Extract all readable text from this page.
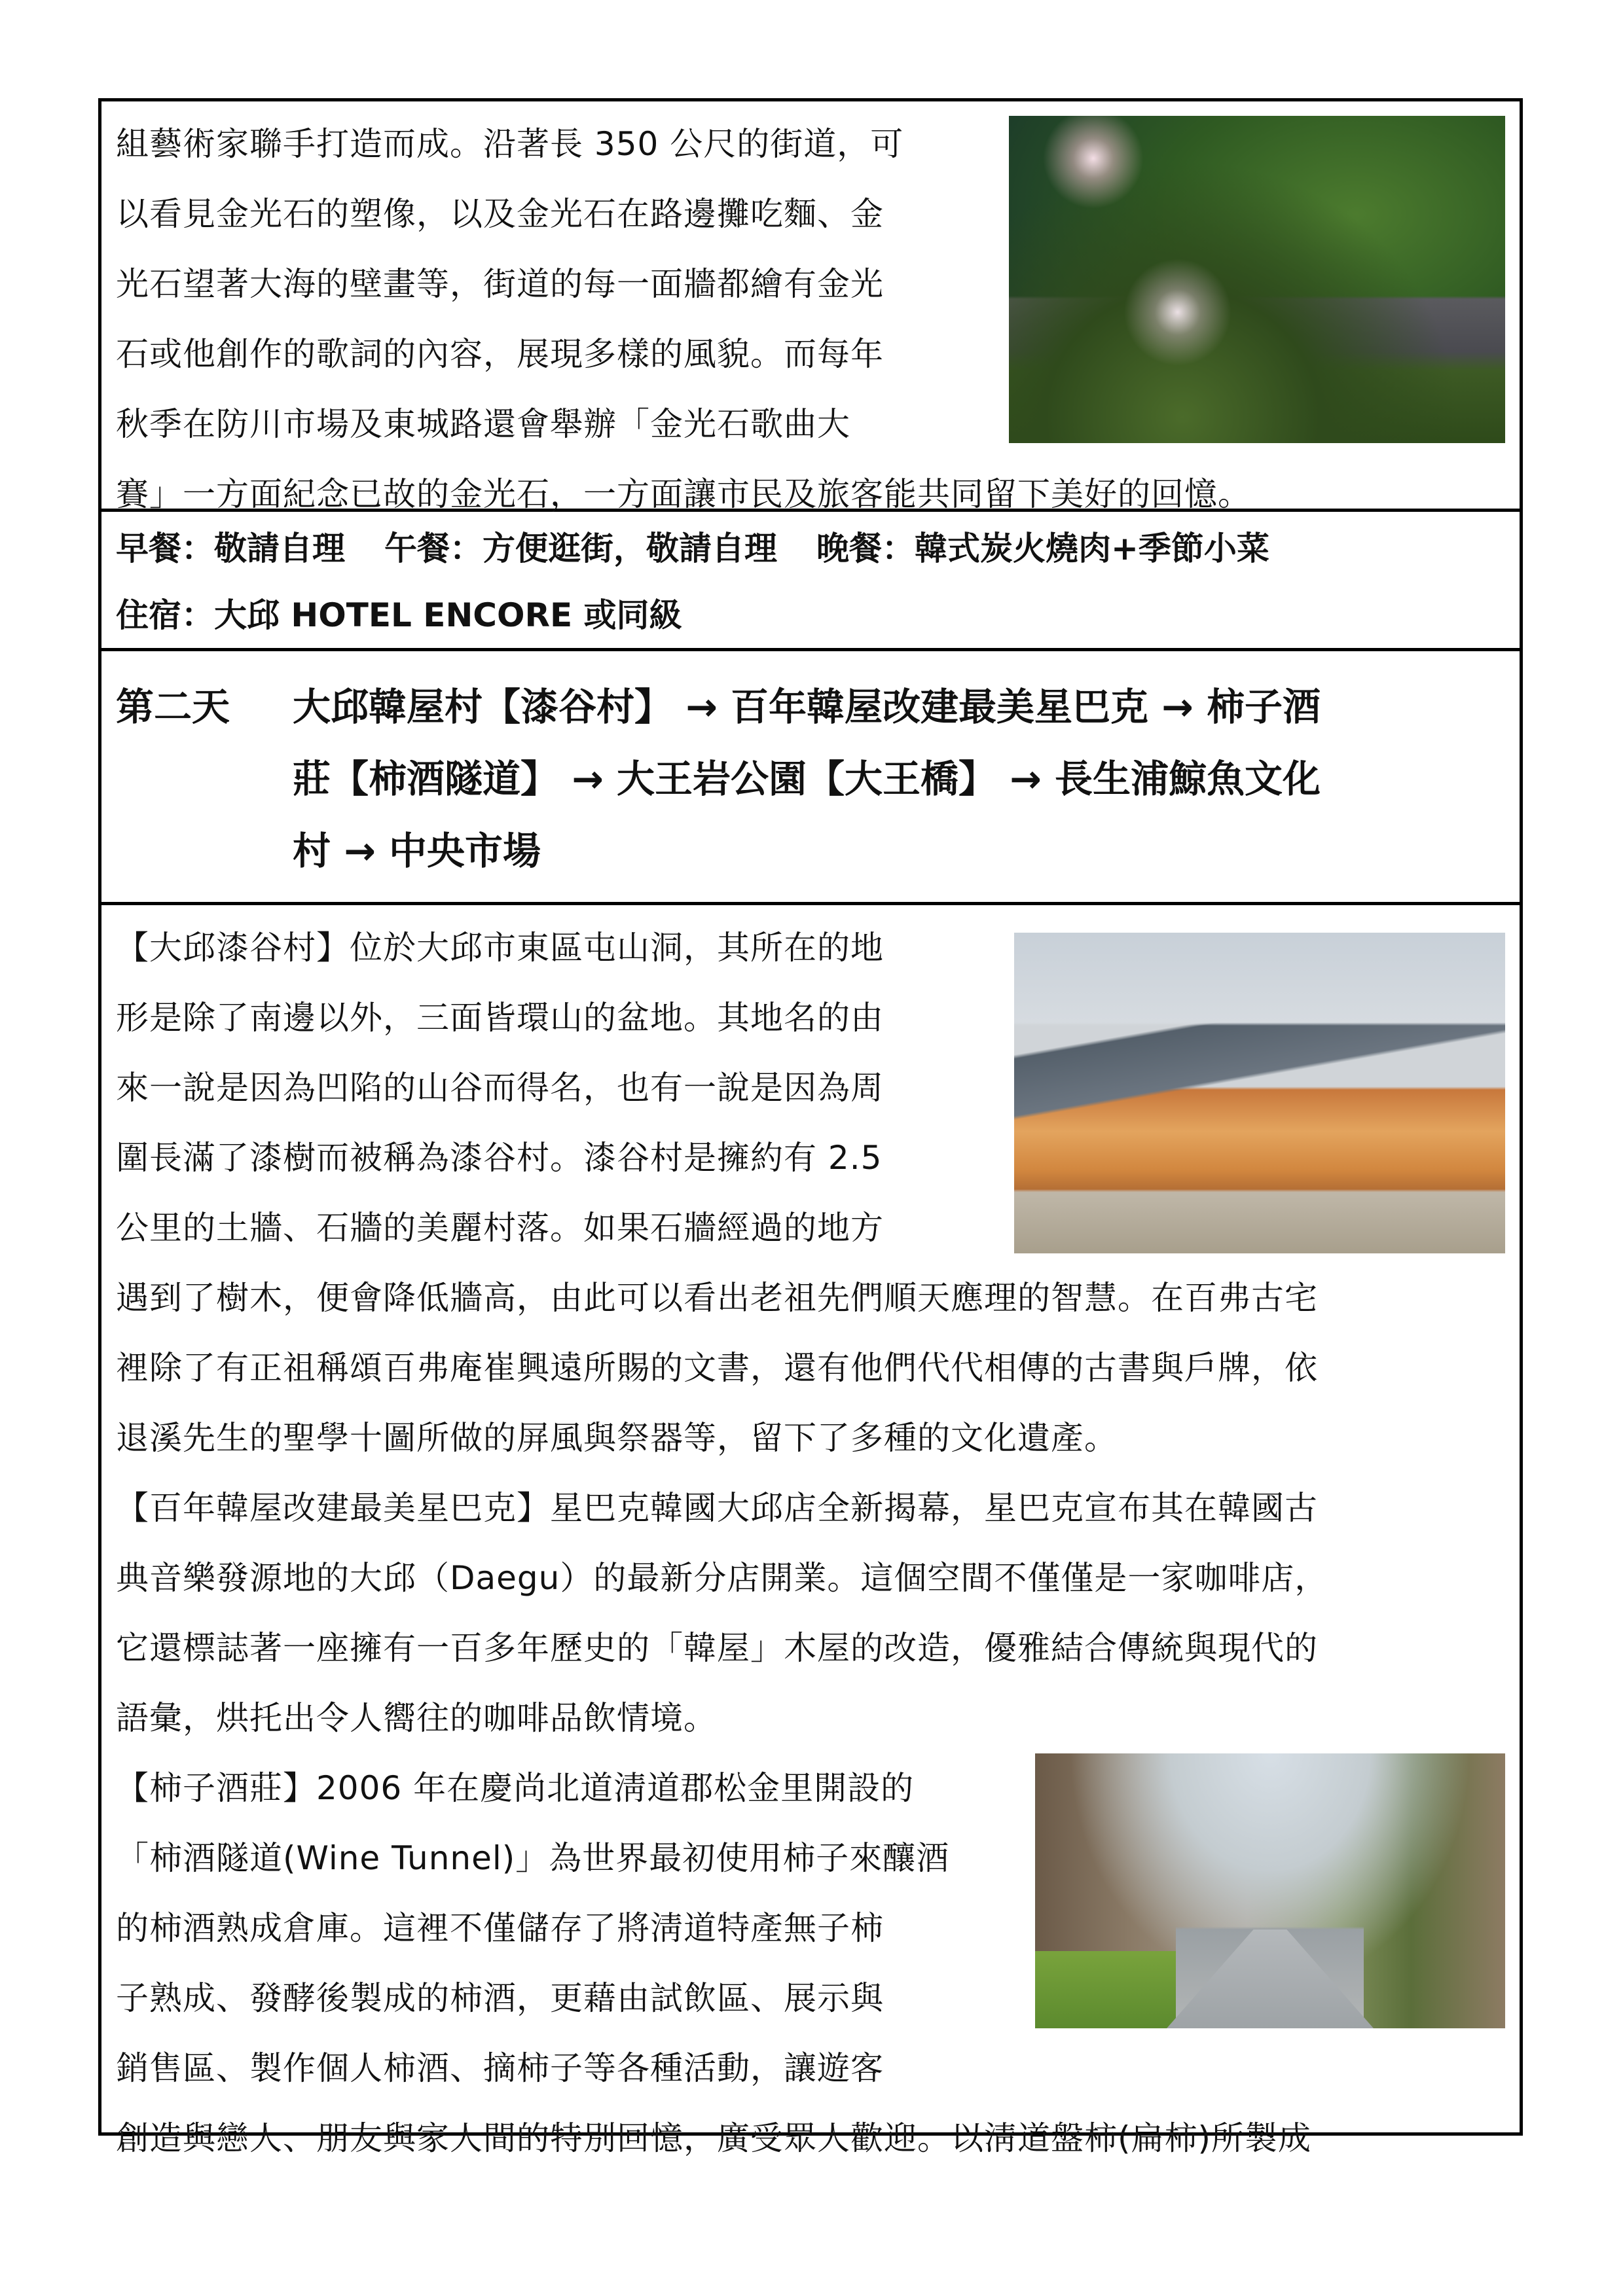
組藝術家聯手打造而成。沿著長 350 公尺的街道，可
以看見金光石的塑像，以及金光石在路邊攤吃麵、金
光石望著大海的壁畫等，街道的每一面牆都繪有金光
石或他創作的歌詞的內容，展現多樣的風貌。而每年
秋季在防川市場及東城路還會舉辦「金光石歌曲大
賽」一方面紀念已故的金光石，一方面讓市民及旅客能共同留下美好的回憶。

早餐：敬請自理 午餐：方便逛街，敬請自理 晚餐：韓式炭火燒肉+季節小菜
住宿：大邱 HOTEL ENCORE 或同級
第二天 大邱韓屋村【漆谷村】 → 百年韓屋改建最美星巴克 → 柿子酒
莊【柿酒隧道】 → 大王岩公園【大王橋】 → 長生浦鯨魚文化
村 → 中央市場

【大邱漆谷村】位於大邱市東區屯山洞，其所在的地
形是除了南邊以外，三面皆環山的盆地。其地名的由
來一說是因為凹陷的山谷而得名，也有一說是因為周
圍長滿了漆樹而被稱為漆谷村。漆谷村是擁約有 2.5
公里的土牆、石牆的美麗村落。如果石牆經過的地方
遇到了樹木，便會降低牆高，由此可以看出老祖先們順天應理的智慧。在百弗古宅
裡除了有正祖稱頌百弗庵崔興遠所賜的文書，還有他們代代相傳的古書與戶牌，依
退溪先生的聖學十圖所做的屏風與祭器等，留下了多種的文化遺產。

【百年韓屋改建最美星巴克】星巴克韓國大邱店全新揭幕，星巴克宣布其在韓國古
典音樂發源地的大邱（Daegu）的最新分店開業。這個空間不僅僅是一家咖啡店，
它還標誌著一座擁有一百多年歷史的「韓屋」木屋的改造，優雅結合傳統與現代的
語彙，烘托出令人嚮往的咖啡品飲情境。

【柿子酒莊】2006 年在慶尚北道淸道郡松金里開設的
「柿酒隧道(Wine Tunnel)」為世界最初使用柿子來釀酒
的柿酒熟成倉庫。這裡不僅儲存了將淸道特產無子柿
子熟成、發酵後製成的柿酒，更藉由試飲區、展示與
銷售區、製作個人柿酒、摘柿子等各種活動，讓遊客
創造與戀人、朋友與家人間的特別回憶，廣受眾人歡迎。以淸道盤柿(扁柿)所製成
